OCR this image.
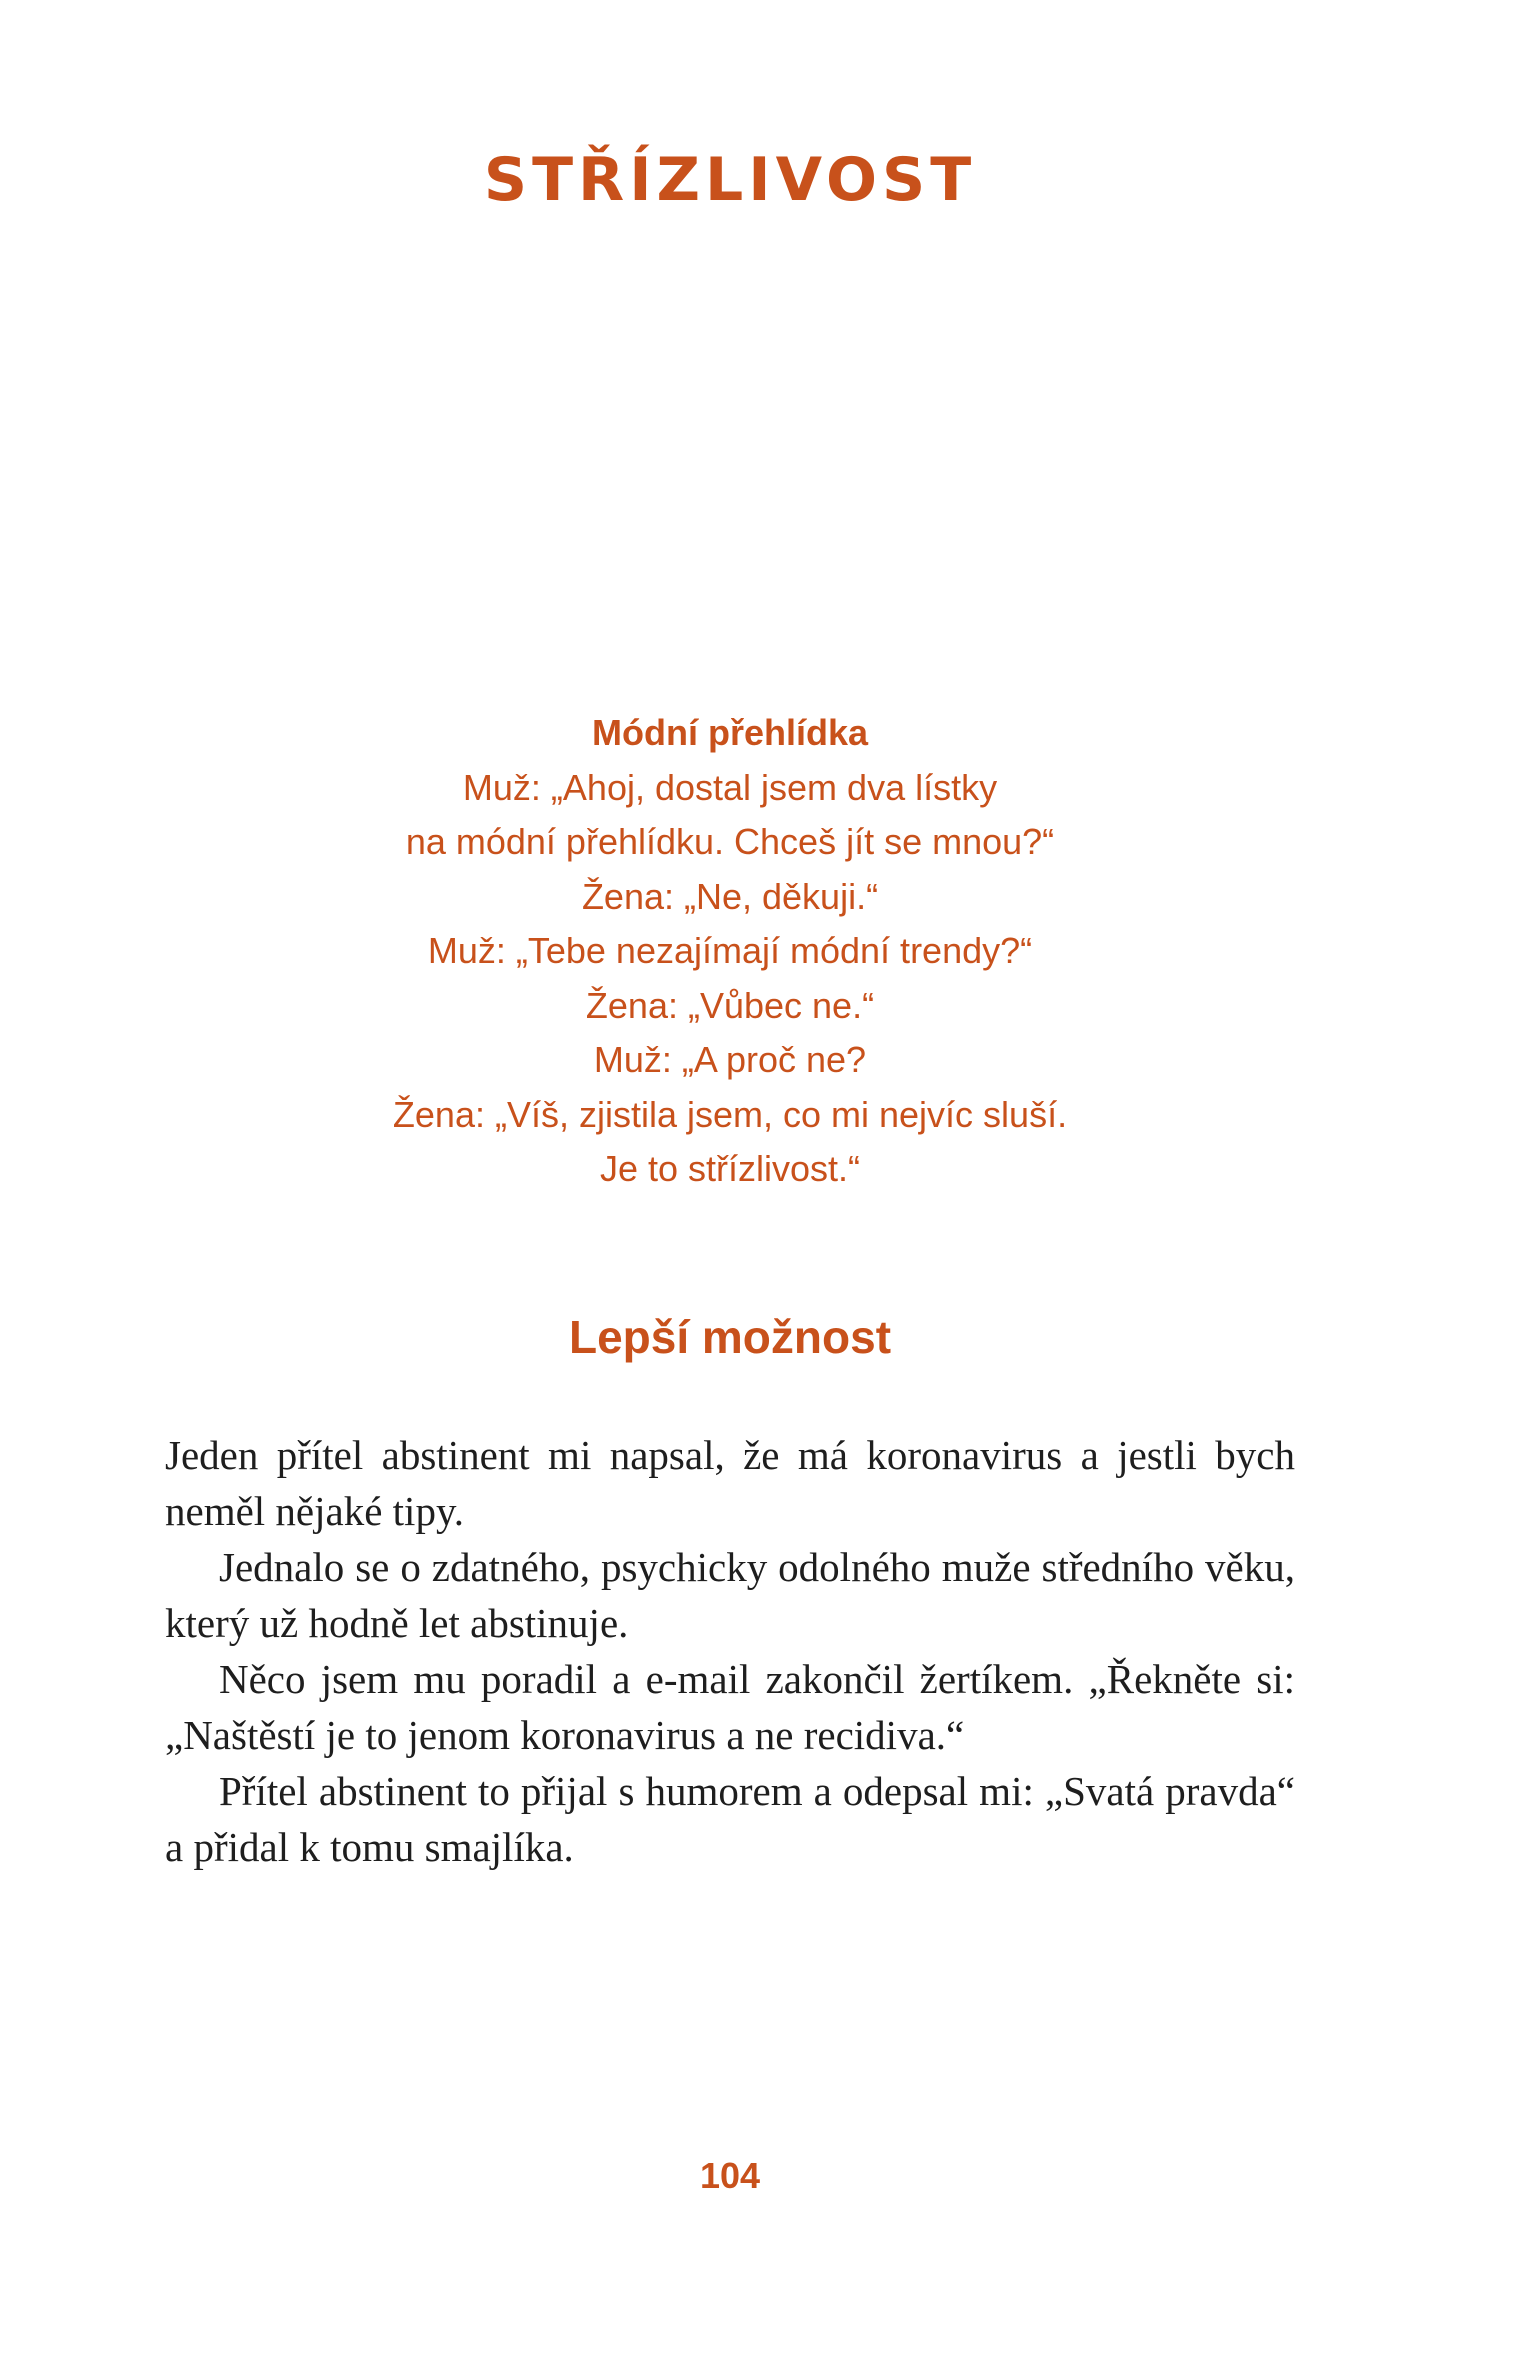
STŘÍZLIVOST
Módní přehlídka
Muž: „Ahoj, dostal jsem dva lístky
na módní přehlídku. Chceš jít se mnou?“
Žena: „Ne, děkuji.“
Muž: „Tebe nezajímají módní trendy?“
Žena: „Vůbec ne.“
Muž: „A proč ne?
Žena: „Víš, zjistila jsem, co mi nejvíc sluší.
Je to střízlivost.“
Lepší možnost

Jeden přítel abstinent mi napsal, že má koronavirus a jestli bych neměl nějaké tipy.

Jednalo se o zdatného, psychicky odolného muže středního věku, který už hodně let abstinuje.

Něco jsem mu poradil a e-mail zakončil žertíkem. „Řekněte si: „Naštěstí je to jenom koronavirus a ne recidiva.“

Přítel abstinent to přijal s humorem a odepsal mi: „Svatá pravda“ a přidal k tomu smajlíka.

104
